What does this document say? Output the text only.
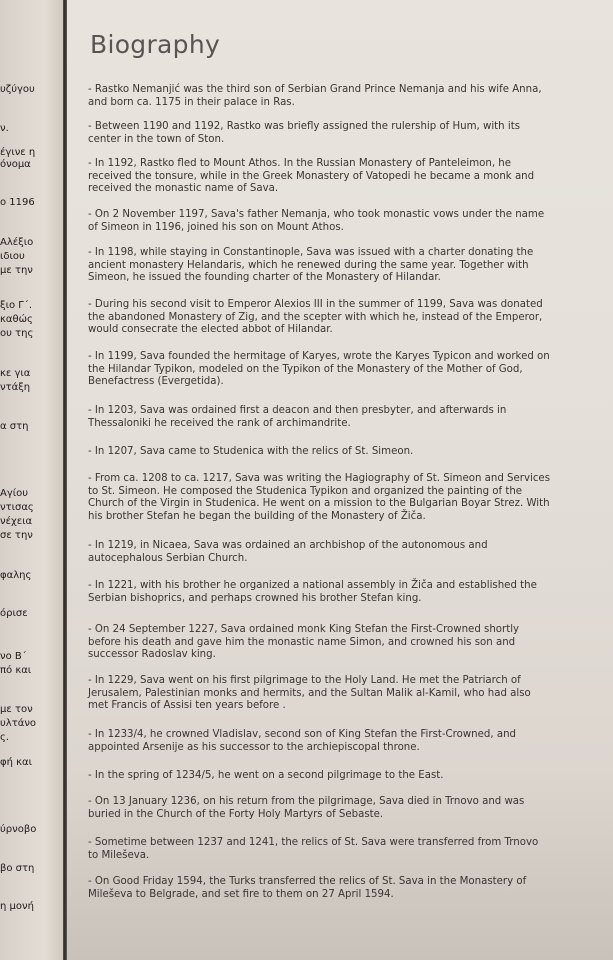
υζύγου
ν.
έγινε η
όνομα
ο 1196
Αλέξιο
ιδιου
με την
ξιο Γ΄.
καθώς
ου της
κε για
ντάξη
α στη
Αγίου
ντισας
νέχεια
σε την
φαλης
όρισε
νο Β΄
πό και
με τον
υλτάνο
ς.
φή και
ύρνοβο
βο στη
η μονή
Biography
- Rastko Nemanjić was the third son of Serbian Grand Prince Nemanja and his wife Anna, and born ca. 1175 in their palace in Ras.
- Between 1190 and 1192, Rastko was briefly assigned the rulership of Hum, with its center in the town of Ston.
- In 1192, Rastko fled to Mount Athos. In the Russian Monastery of Panteleimon, he received the tonsure, while in the Greek Monastery of Vatopedi he became a monk and received the monastic name of Sava.
- On 2 November 1197, Sava's father Nemanja, who took monastic vows under the name of Simeon in 1196, joined his son on Mount Athos.
- In 1198, while staying in Constantinople, Sava was issued with a charter donating the ancient monastery Helandaris, which he renewed during the same year. Together with Simeon, he issued the founding charter of the Monastery of Hilandar.
- During his second visit to Emperor Alexios III in the summer of 1199, Sava was donated the abandoned Monastery of Zig, and the scepter with which he, instead of the Emperor, would consecrate the elected abbot of Hilandar.
- In 1199, Sava founded the hermitage of Karyes, wrote the Karyes Typicon and worked on the Hilandar Typikon, modeled on the Typikon of the Monastery of the Mother of God, Benefactress (Evergetida).
- In 1203, Sava was ordained first a deacon and then presbyter, and afterwards in Thessaloniki he received the rank of archimandrite.
- In 1207, Sava came to Studenica with the relics of St. Simeon.
- From ca. 1208 to ca. 1217, Sava was writing the Hagiography of St. Simeon and Services to St. Simeon. He composed the Studenica Typikon and organized the painting of the Church of the Virgin in Studenica. He went on a mission to the Bulgarian Boyar Strez. With his brother Stefan he began the building of the Monastery of Žiča.
- In 1219, in Nicaea, Sava was ordained an archbishop of the autonomous and autocephalous Serbian Church.
- In 1221, with his brother he organized a national assembly in Žiča and established the Serbian bishoprics, and perhaps crowned his brother Stefan king.
- On 24 September 1227, Sava ordained monk King Stefan the First-Crowned shortly before his death and gave him the monastic name Simon, and crowned his son and successor Radoslav king.
- In 1229, Sava went on his first pilgrimage to the Holy Land. He met the Patriarch of Jerusalem, Palestinian monks and hermits, and the Sultan Malik al-Kamil, who had also met Francis of Assisi ten years before .
- In 1233/4, he crowned Vladislav, second son of King Stefan the First-Crowned, and appointed Arsenije as his successor to the archiepiscopal throne.
- In the spring of 1234/5, he went on a second pilgrimage to the East.
- On 13 January 1236, on his return from the pilgrimage, Sava died in Trnovo and was buried in the Church of the Forty Holy Martyrs of Sebaste.
- Sometime between 1237 and 1241, the relics of St. Sava were transferred from Trnovo to Mileševa.
- On Good Friday 1594, the Turks transferred the relics of St. Sava in the Monastery of Mileševa to Belgrade, and set fire to them on 27 April 1594.
